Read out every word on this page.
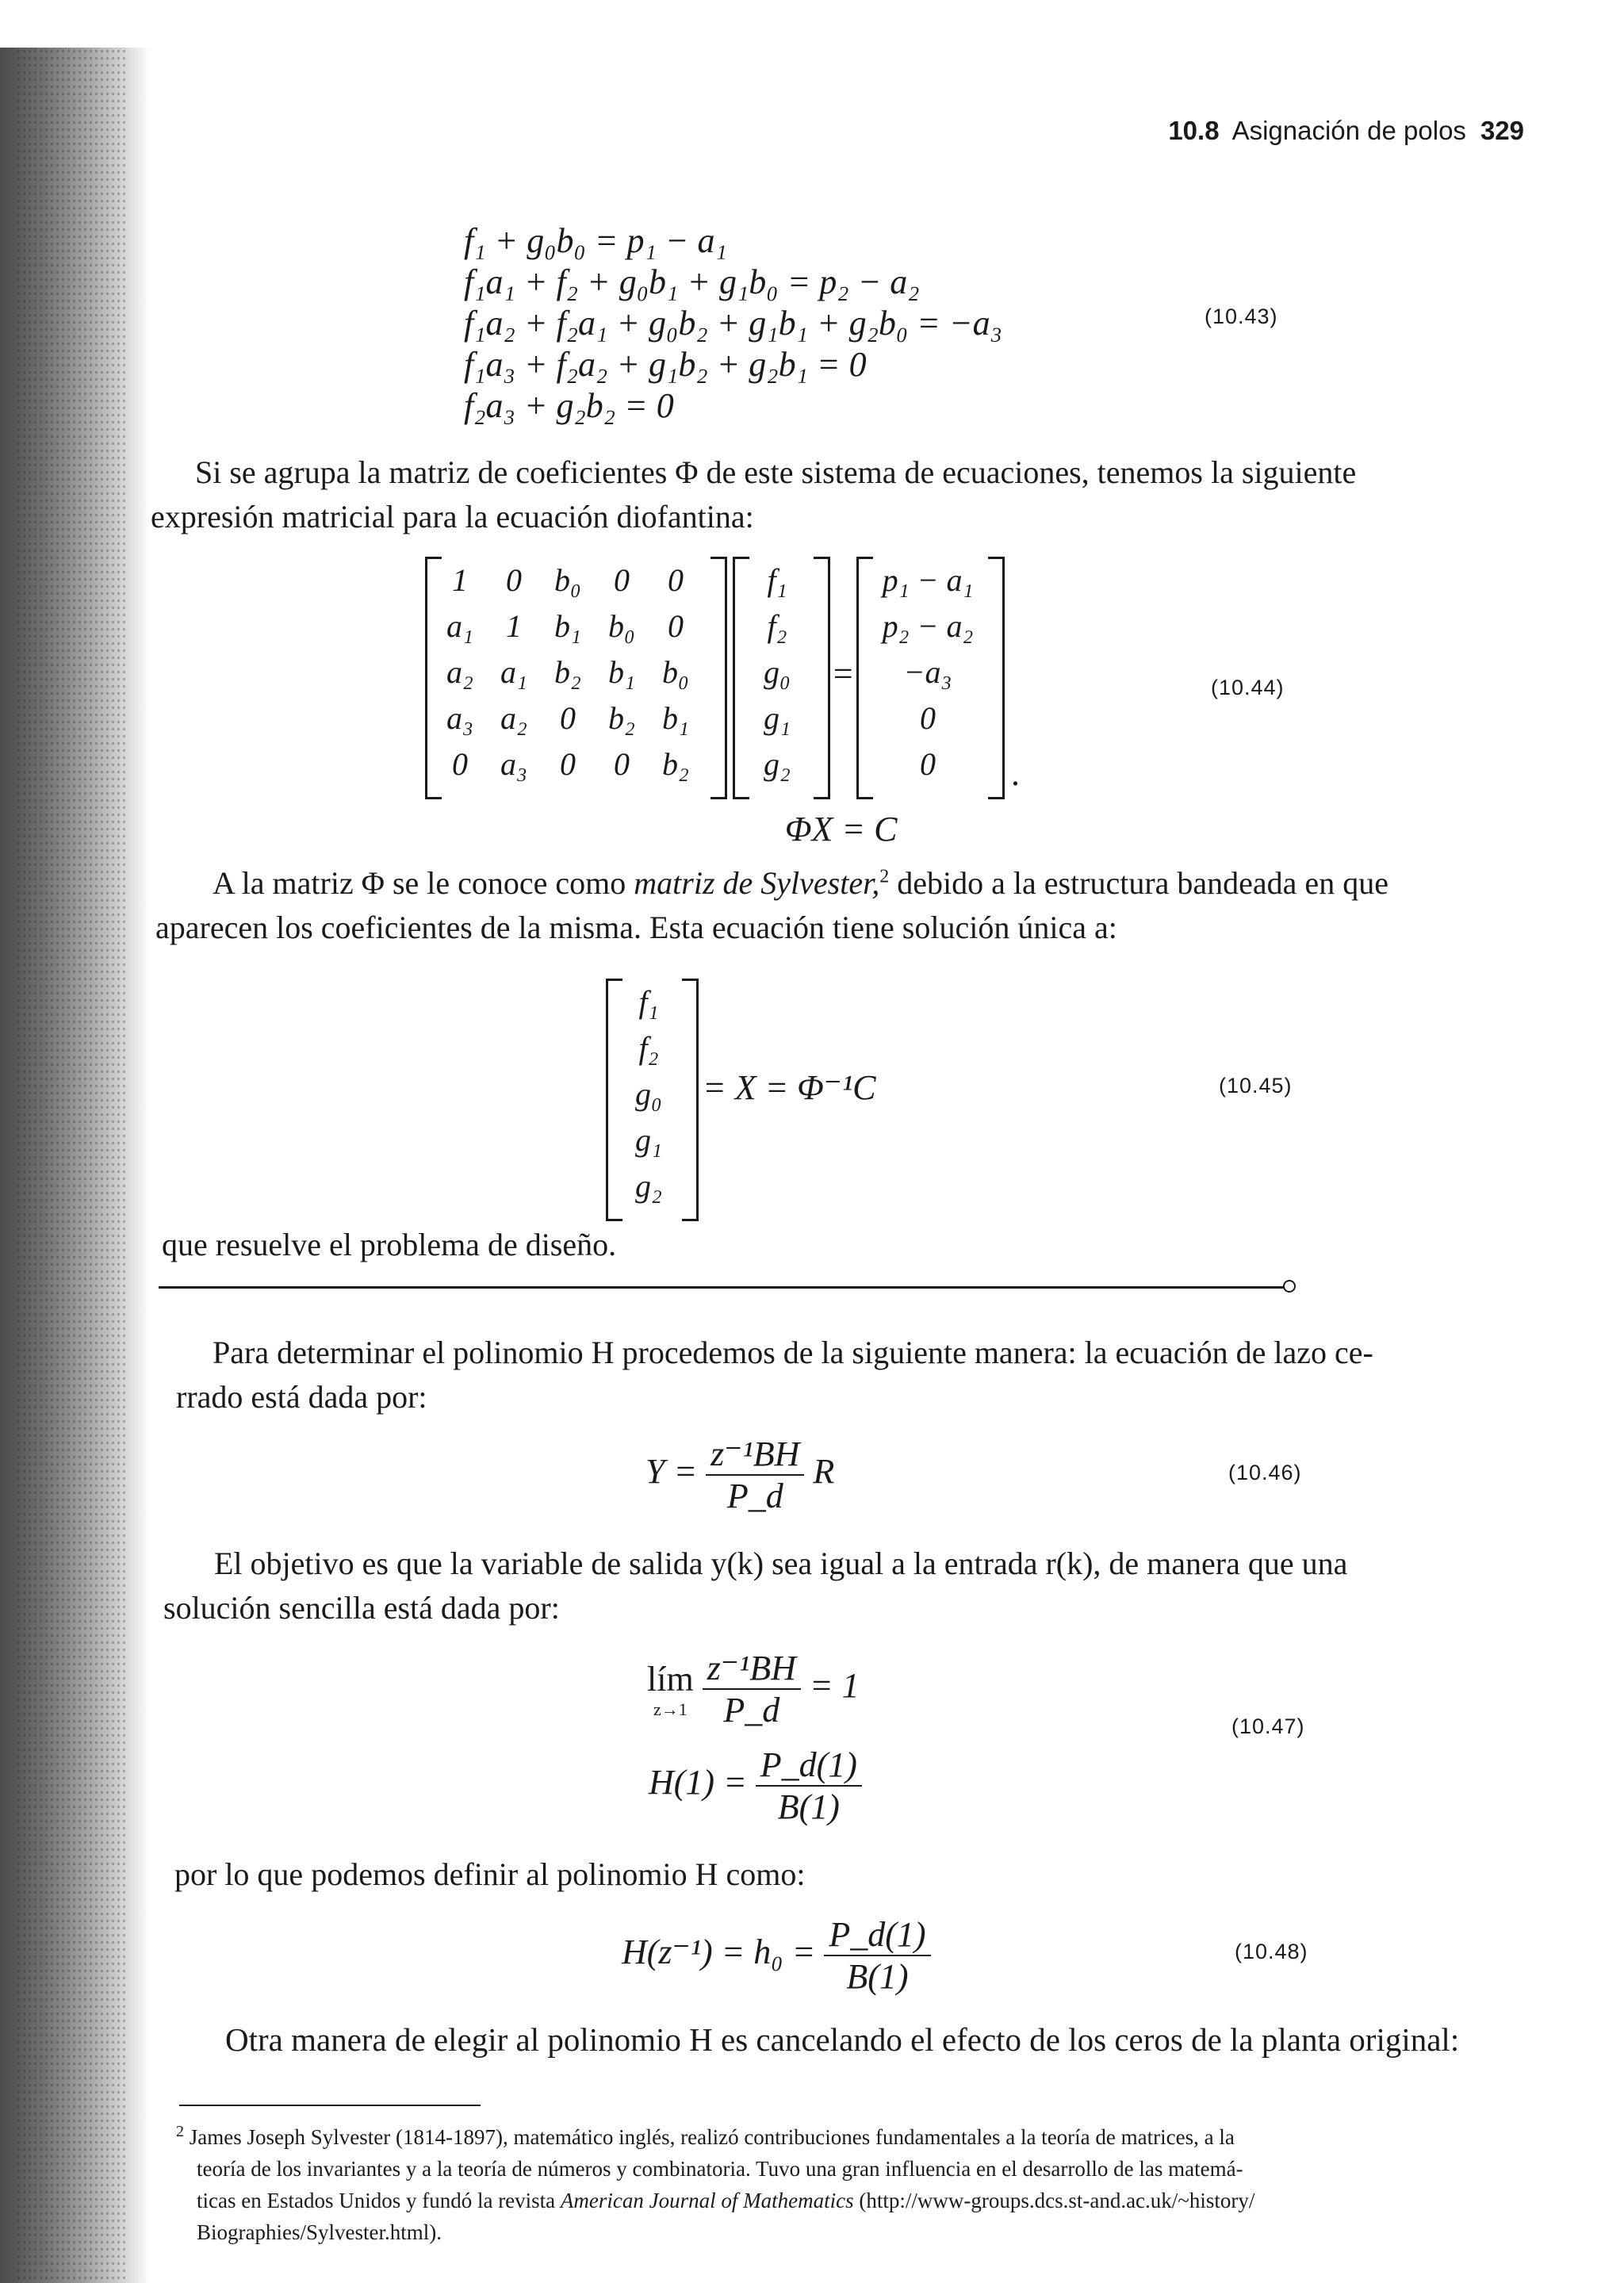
10.8 Asignación de polos 329
f₁ + g₀b₀ = p₁ − a₁
f₁a₁ + f₂ + g₀b₁ + g₁b₀ = p₂ − a₂
f₁a₂ + f₂a₁ + g₀b₂ + g₁b₁ + g₂b₀ = −a₃
f₁a₃ + f₂a₂ + g₁b₂ + g₂b₁ = 0
f₂a₃ + g₂b₂ = 0
(10.43)
Si se agrupa la matriz de coeficientes Φ de este sistema de ecuaciones, tenemos la siguiente
expresión matricial para la ecuación diofantina:
1	0	b₀	0	0
a₁	1	b₁	b₀	0
a₂	a₁	b₂	b₁	b₀
a₃	a₂	0	b₂	b₁
0	a₃	0	0	b₂
f₁
f₂
g₀
g₁
g₂
=
p₁ − a₁
p₂ − a₂
−a₃
0
0 .
(10.44)
ΦX = C
A la matriz Φ se le conoce como matriz de Sylvester,$^2$ debido a la estructura bandeada en que
aparecen los coeficientes de la misma. Esta ecuación tiene solución única a:
f₁
f₂
g₀
g₁
g₂
= X = Φ⁻¹C	(10.45)
que resuelve el problema de diseño.
Para determinar el polinomio H procedemos de la siguiente manera: la ecuación de lazo ce-
rrado está dada por:
$Y = \frac{\text{z⁻¹BH}}{P\_d}$ R	(10.46)
El objetivo es que la variable de salida y(k) sea igual a la entrada r(k), de manera que una
solución sencilla está dada por:
lím
z→1
$\frac{\text{z⁻¹BH}}{P\_d} = 1$
$H(1) = \frac{P\_d(1)}{B(1)}$
(10.47)
por lo que podemos definir al polinomio H como:
$H(z^{-1}) = h_0 = \frac{P\_d(1)}{B(1)}$	(10.48)
Otra manera de elegir al polinomio H es cancelando el efecto de los ceros de la planta original:
$^2$ James Joseph Sylvester (1814-1897), matemático inglés, realizó contribuciones fundamentales a la teoría de matrices, a la
teoría de los invariantes y a la teoría de números y combinatoria. Tuvo una gran influencia en el desarrollo de las matemá-
ticas en Estados Unidos y fundó la revista American Journal of Mathematics (http://www-groups.dcs.st-and.ac.uk/~history/
Biographies/Sylvester.html).
